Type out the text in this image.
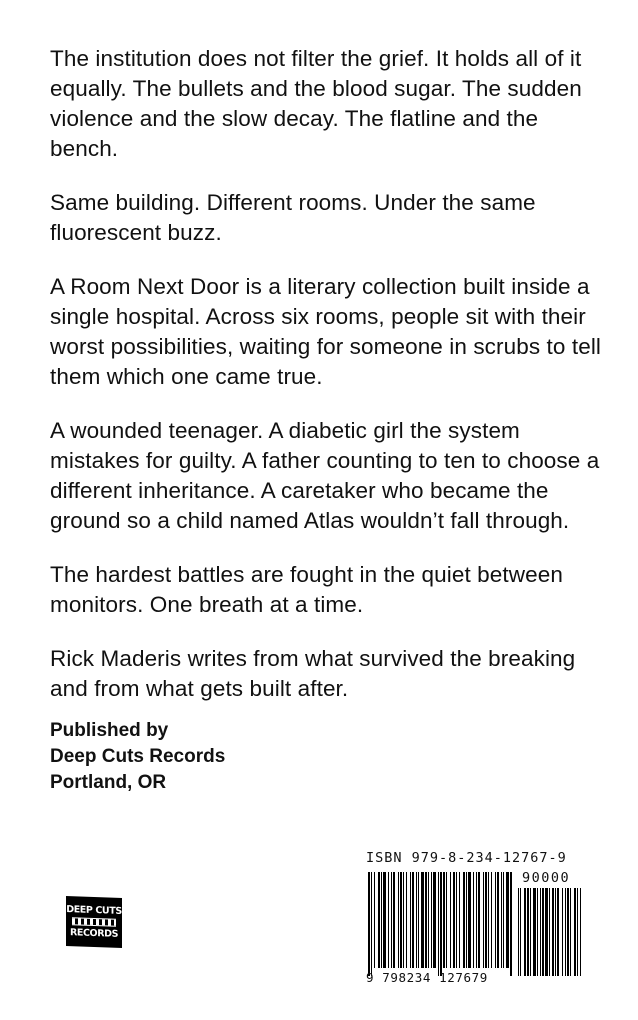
The institution does not filter the grief. It holds all of it equally. The bullets and the blood sugar. The sudden violence and the slow decay. The flatline and the bench.

Same building. Different rooms. Under the same fluorescent buzz.

A Room Next Door is a literary collection built inside a single hospital. Across six rooms, people sit with their worst possibilities, waiting for someone in scrubs to tell them which one came true.

A wounded teenager. A diabetic girl the system mistakes for guilty. A father counting to ten to choose a different inheritance. A caretaker who became the ground so a child named Atlas wouldn’t fall through.

The hardest battles are fought in the quiet between monitors. One breath at a time.

Rick Maderis writes from what survived the breaking and from what gets built after.

Published by
Deep Cuts Records
Portland, OR
DEEP CUTS
RECORDS
ISBN 979-8-234-12767-9
90000
9 798234 127679
